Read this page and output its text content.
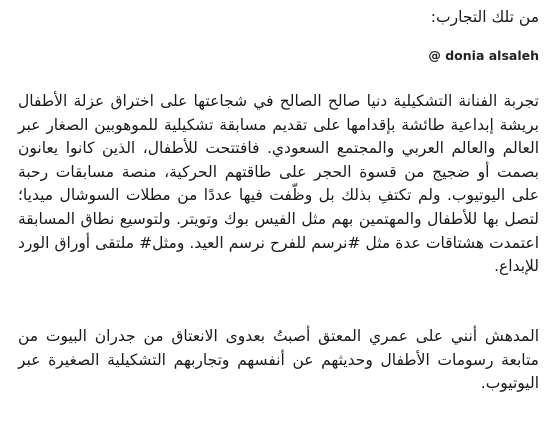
من تلك التجارب:

@ donia alsaleh

تجربة الفنانة التشكيلية دنيا صالح الصالح في شجاعتها على اختراق عزلة الأطفال بريشة إبداعية طائشة بإقدامها على تقديم مسابقة تشكيلية للموهوبين الصغار عبر العالم والعالم العربي والمجتمع السعودي. فافتتحت للأطفال، الذين كانوا يعانون بصمت أو ضجيج من قسوة الحجر على طاقتهم الحركية، منصة مسابقات رحبة على اليوتيوب. ولم تكتفِ بذلك بل وظّفت فيها عددًا من مطلات السوشال ميديا؛ لتصل بها للأطفال والمهتمين بهم مثل الفيس بوك وتويتر. ولتوسيع نطاق المسابقة اعتمدت هشتاقات عدة مثل #نرسم للفرح نرسم العيد. ومثل# ملتقى أوراق الورد للإبداع.

المدهش أنني على عمري المعتق أصبتُ بعدوى الانعتاق من جدران البيوت من متابعة رسومات الأطفال وحديثهم عن أنفسهم وتجاربهم التشكيلية الصغيرة عبر اليوتيوب.
